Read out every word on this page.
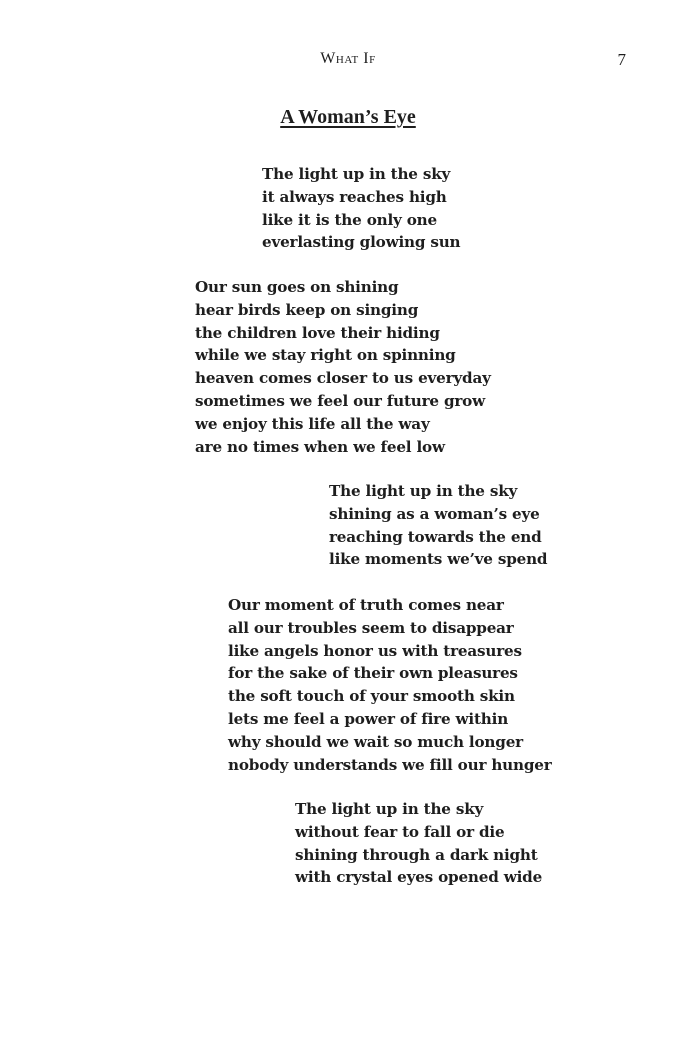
What If	7
A Woman’s Eye
The light up in the sky
it always reaches high
like it is the only one
everlasting glowing sun
Our sun goes on shining
hear birds keep on singing
the children love their hiding
while we stay right on spinning
heaven comes closer to us everyday
sometimes we feel our future grow
we enjoy this life all the way
are no times when we feel low
The light up in the sky
shining as a woman’s eye
reaching towards the end
like moments we’ve spend
Our moment of truth comes near
all our troubles seem to disappear
like angels honor us with treasures
for the sake of their own pleasures
the soft touch of your smooth skin
lets me feel a power of fire within
why should we wait so much longer
nobody understands we fill our hunger
The light up in the sky
without fear to fall or die
shining through a dark night
with crystal eyes opened wide
